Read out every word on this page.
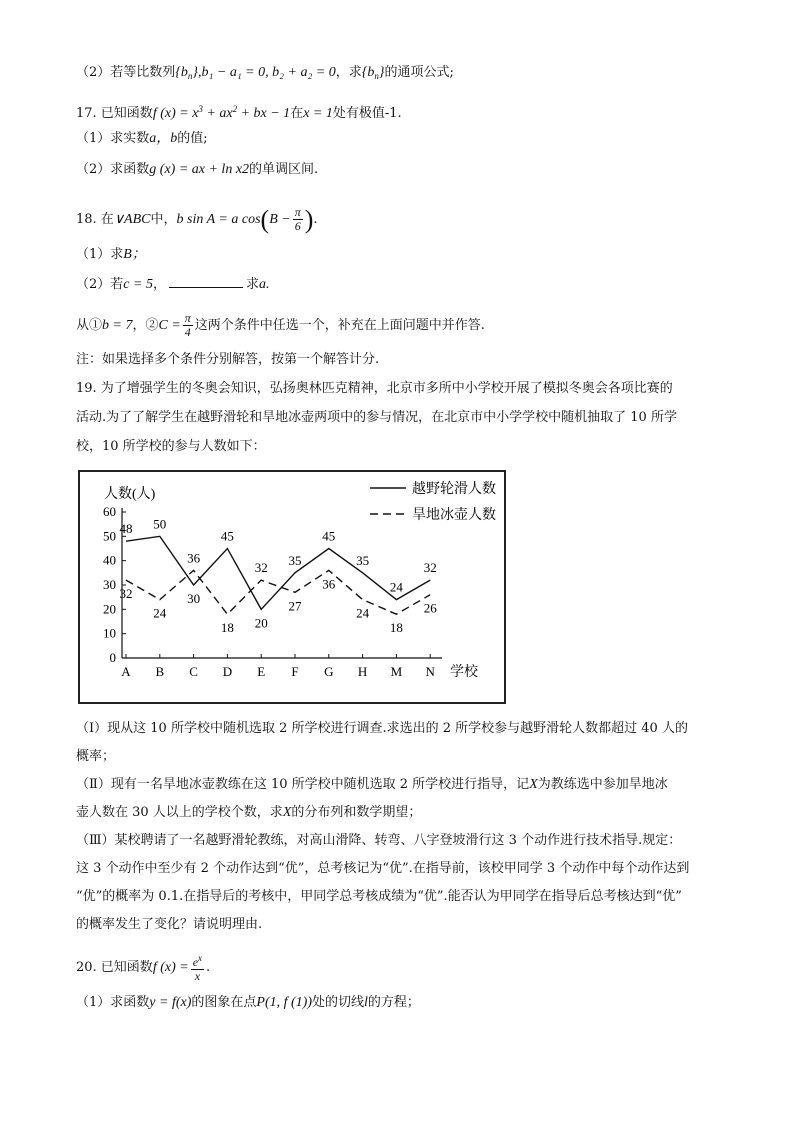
（2）若等比数列$\{b_n\},b_1 - a_1 = 0$, b₂ + a₂ = 0，求$\{b_n\}$的通项公式;
17. 已知函数f $(x) = x^3 + ax^2$ + bx − 1在x = 1处有极值-1.
（1）求实数a，b的值;
（2）求函数g (x) = ax + ln x2的单调区间.
18. 在∨ABC中，b sin A = a $\cos(B - \frac{\pi}{6}$ ).
（1）求B；
（2）若c = 5，	求a.
从①b = 7，②C = $\frac{\pi}{4}$ 这两个条件中任选一个，补充在上面问题中并作答.
注：如果选择多个条件分别解答，按第一个解答计分.
19. 为了增强学生的冬奥会知识，弘扬奥林匹克精神，北京市多所中小学校开展了模拟冬奥会各项比赛的
活动.为了了解学生在越野滑轮和旱地冰壶两项中的参与情况，在北京市中小学学校中随机抽取了 10 所学
校，10 所学校的参与人数如下：
0
10
20
30
40
50
60
A B C D E F G H M N
人数(人)
学校
48 50
30
45
20
35
45
35
24
32
32
24
36
18
32
27
36
24
18
26
越野轮滑人数
旱地冰壶人数
（Ⅰ）现从这 10 所学校中随机选取 2 所学校进行调查.求选出的 2 所学校参与越野滑轮人数都超过 40 人的
概率；
（Ⅱ）现有一名旱地冰壶教练在这 10 所学校中随机选取 2 所学校进行指导，记X为教练选中参加旱地冰
壶人数在 30 人以上的学校个数，求X的分布列和数学期望；
（Ⅲ）某校聘请了一名越野滑轮教练，对高山滑降、转弯、八字登坡滑行这 3 个动作进行技术指导.规定：
这 3 个动作中至少有 2 个动作达到“优”，总考核记为“优”.在指导前，该校甲同学 3 个动作中每个动作达到
“优”的概率为 0.1.在指导后的考核中，甲同学总考核成绩为“优”.能否认为甲同学在指导后总考核达到“优”
的概率发生了变化？请说明理由.
20. 已知函数f $(x) = \frac{e^x}{x}$ .
（1）求函数y = f(x)的图象在点P(1, f (1))处的切线l的方程；
